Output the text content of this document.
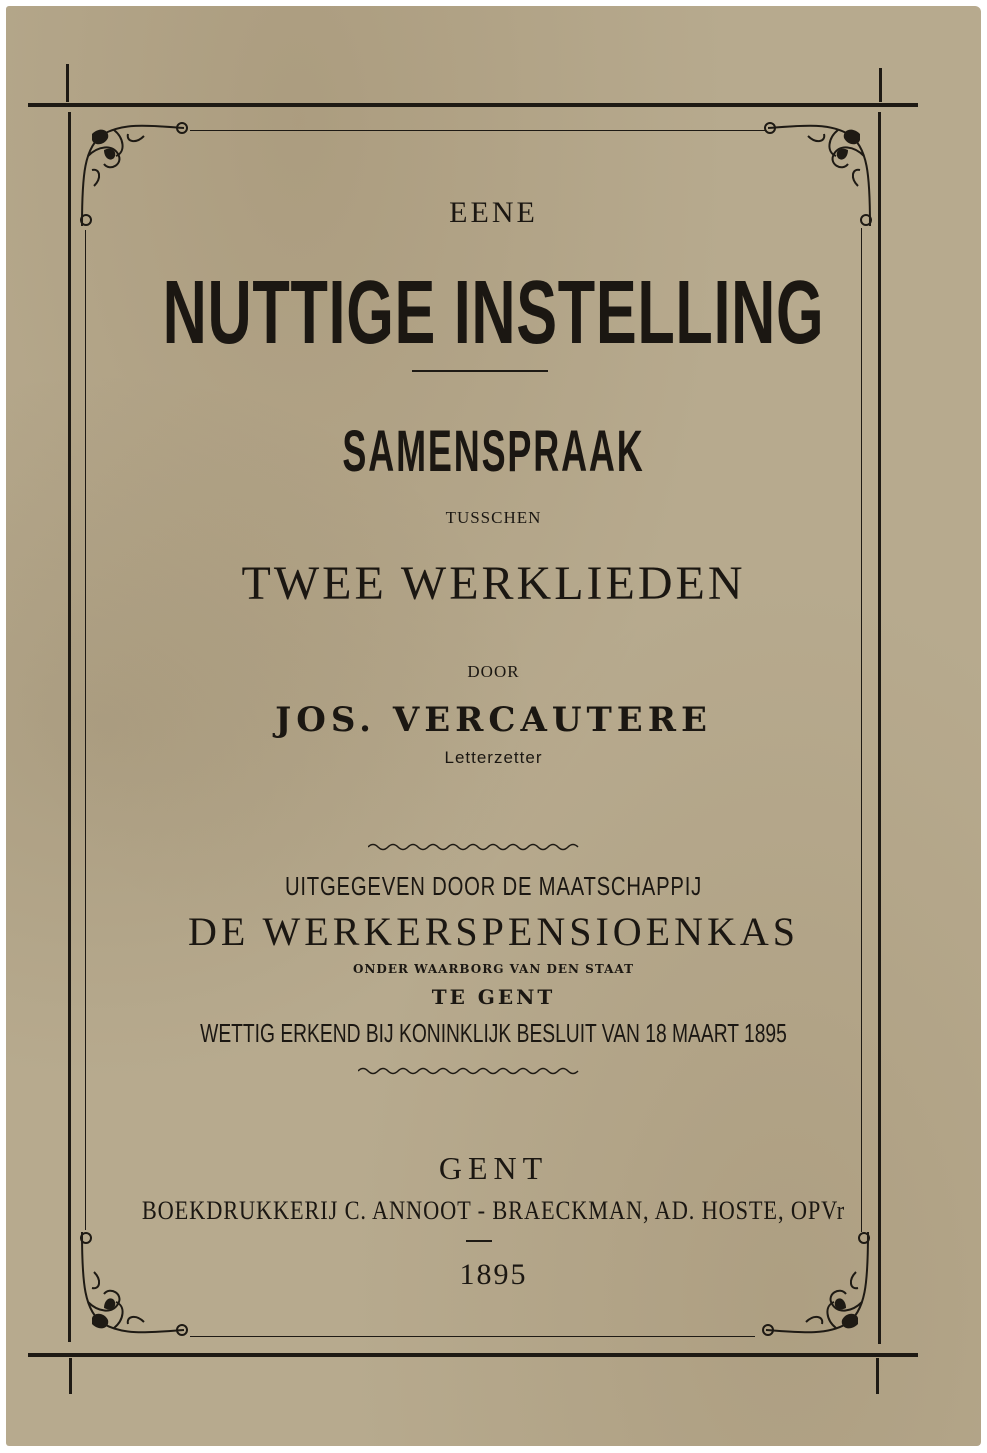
EENE
NUTTIGE INSTELLING
SAMENSPRAAK
TUSSCHEN
TWEE WERKLIEDEN
DOOR
JOS. VERCAUTERE
Letterzetter
UITGEGEVEN DOOR DE MAATSCHAPPIJ
DE WERKERSPENSIOENKAS
ONDER WAARBORG VAN DEN STAAT
TE GENT
WETTIG ERKEND BIJ KONINKLIJK BESLUIT VAN 18 MAART 1895
GENT
BOEKDRUKKERIJ C. ANNOOT - BRAECKMAN, AD. HOSTE, OPVr
1895
